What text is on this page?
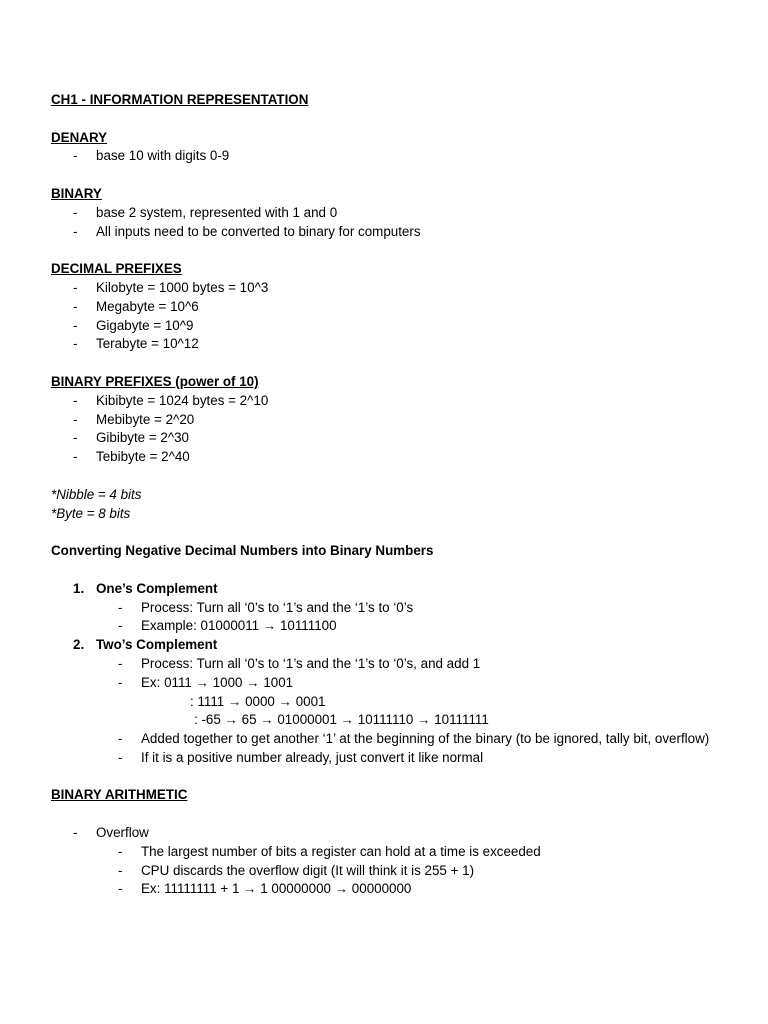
CH1 - INFORMATION REPRESENTATION

DENARY

-	base 10 with digits 0-9

BINARY

-	base 2 system, represented with 1 and 0
-	All inputs need to be converted to binary for computers

DECIMAL PREFIXES

-	Kilobyte = 1000 bytes = 10^3
-	Megabyte = 10^6
-	Gigabyte = 10^9
-	Terabyte = 10^12

BINARY PREFIXES (power of 10)

-	Kibibyte = 1024 bytes = 2^10
-	Mebibyte = 2^20
-	Gibibyte = 2^30
-	Tebibyte = 2^40

*Nibble = 4 bits

*Byte = 8 bits

Converting Negative Decimal Numbers into Binary Numbers

1. One’s Complement
-	Process: Turn all ‘0’s to ‘1’s and the ‘1’s to ‘0’s
-	Example: 01000011 → 10111100
2. Two’s Complement
-	Process: Turn all ‘0’s to ‘1’s and the ‘1’s to ‘0’s, and add 1
-	Ex: 0111 → 1000 → 1001
: 1111 → 0000 → 0001
: -65 → 65 → 01000001 → 10111110 → 10111111
-	Added together to get another ‘1’ at the beginning of the binary (to be ignored, tally bit, overflow)
-	If it is a positive number already, just convert it like normal

BINARY ARITHMETIC

-	Overflow
-	The largest number of bits a register can hold at a time is exceeded
-	CPU discards the overflow digit (It will think it is 255 + 1)
-	Ex: 11111111 + 1 → 1 00000000 → 00000000
